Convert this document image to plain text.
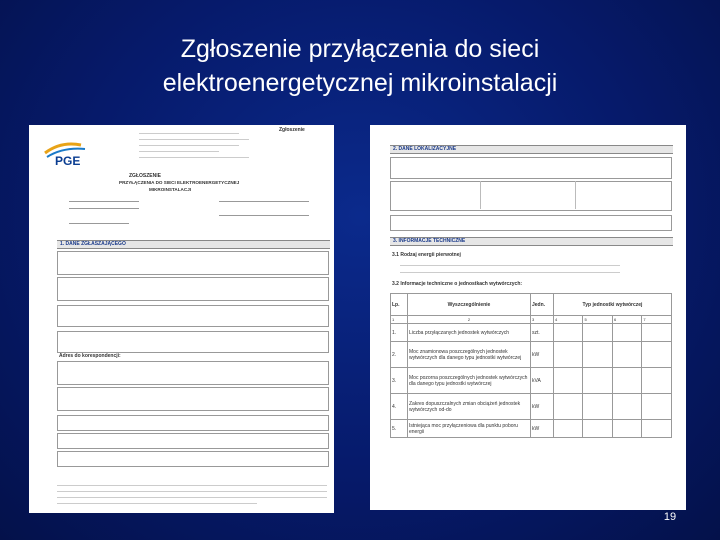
Zgłoszenie przyłączenia do sieci
elektroenergetycznej mikroinstalacji
PGE
Zgłoszenie
ZGŁOSZENIE
PRZYŁĄCZENIA DO SIECI ELEKTROENERGETYCZNEJ
MIKROINSTALACJI
1. DANE ZGŁASZAJĄCEGO
Adres do korespondencji:
2. DANE LOKALIZACYJNE
3. INFORMACJE TECHNICZNE
3.1 Rodzaj energii pierwotnej
3.2 Informacje techniczne o jednostkach wytwórczych:
Lp.	Wyszczególnienie	Jedn.	Typ jednostki wytwórczej			
1	2	3	4	5	6	7
1.	Liczba przyłączanych jednostek wytwórczych	szt.				
2.	Moc znamionowa poszczególnych jednostek wytwórczych dla danego typu jednostki wytwórczej	kW				
3.	Moc pozorna poszczególnych jednostek wytwórczych dla danego typu jednostki wytwórczej	kVA				
4.	Zakres dopuszczalnych zmian obciążeń jednostek wytwórczych od-do	kW				
5.	Istniejąca moc przyłączeniowa dla punktu poboru energii	kW				
19
